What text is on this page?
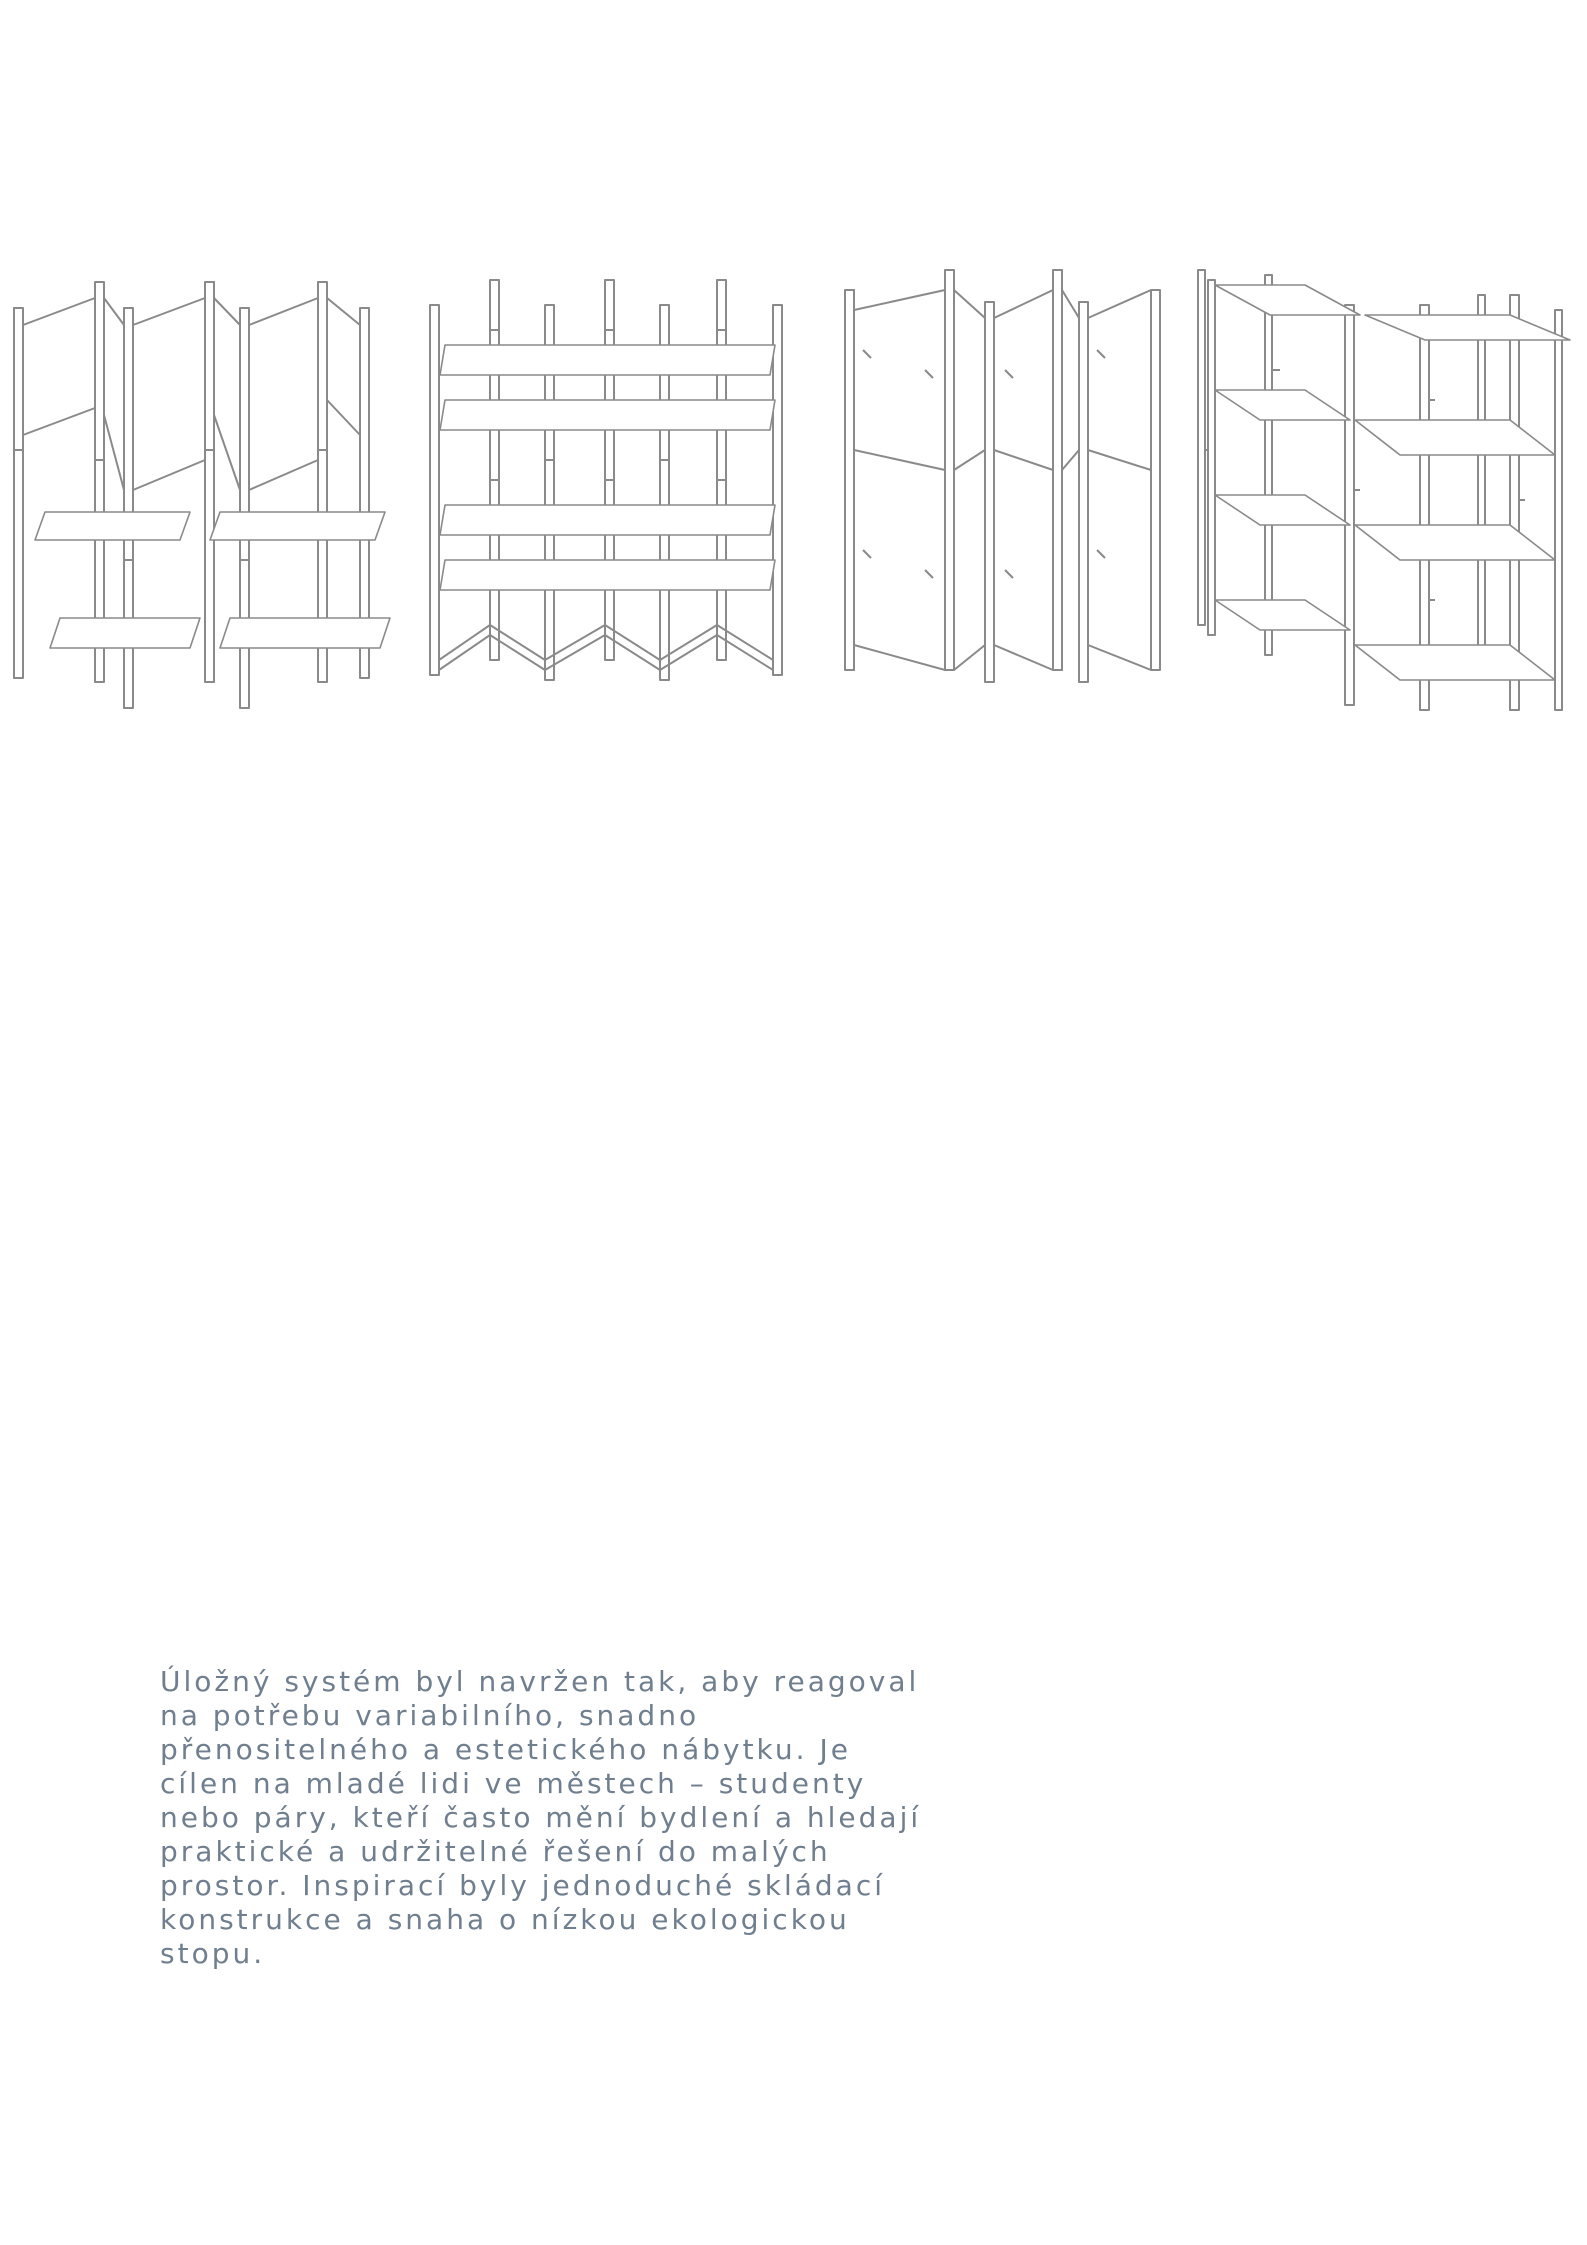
Úložný systém byl navržen tak, aby reagoval
na potřebu variabilního, snadno
přenositelného a estetického nábytku. Je
cílen na mladé lidi ve městech – studenty
nebo páry, kteří často mění bydlení a hledají
praktické a udržitelné řešení do malých
prostor. Inspirací byly jednoduché skládací
konstrukce a snaha o nízkou ekologickou
stopu.
